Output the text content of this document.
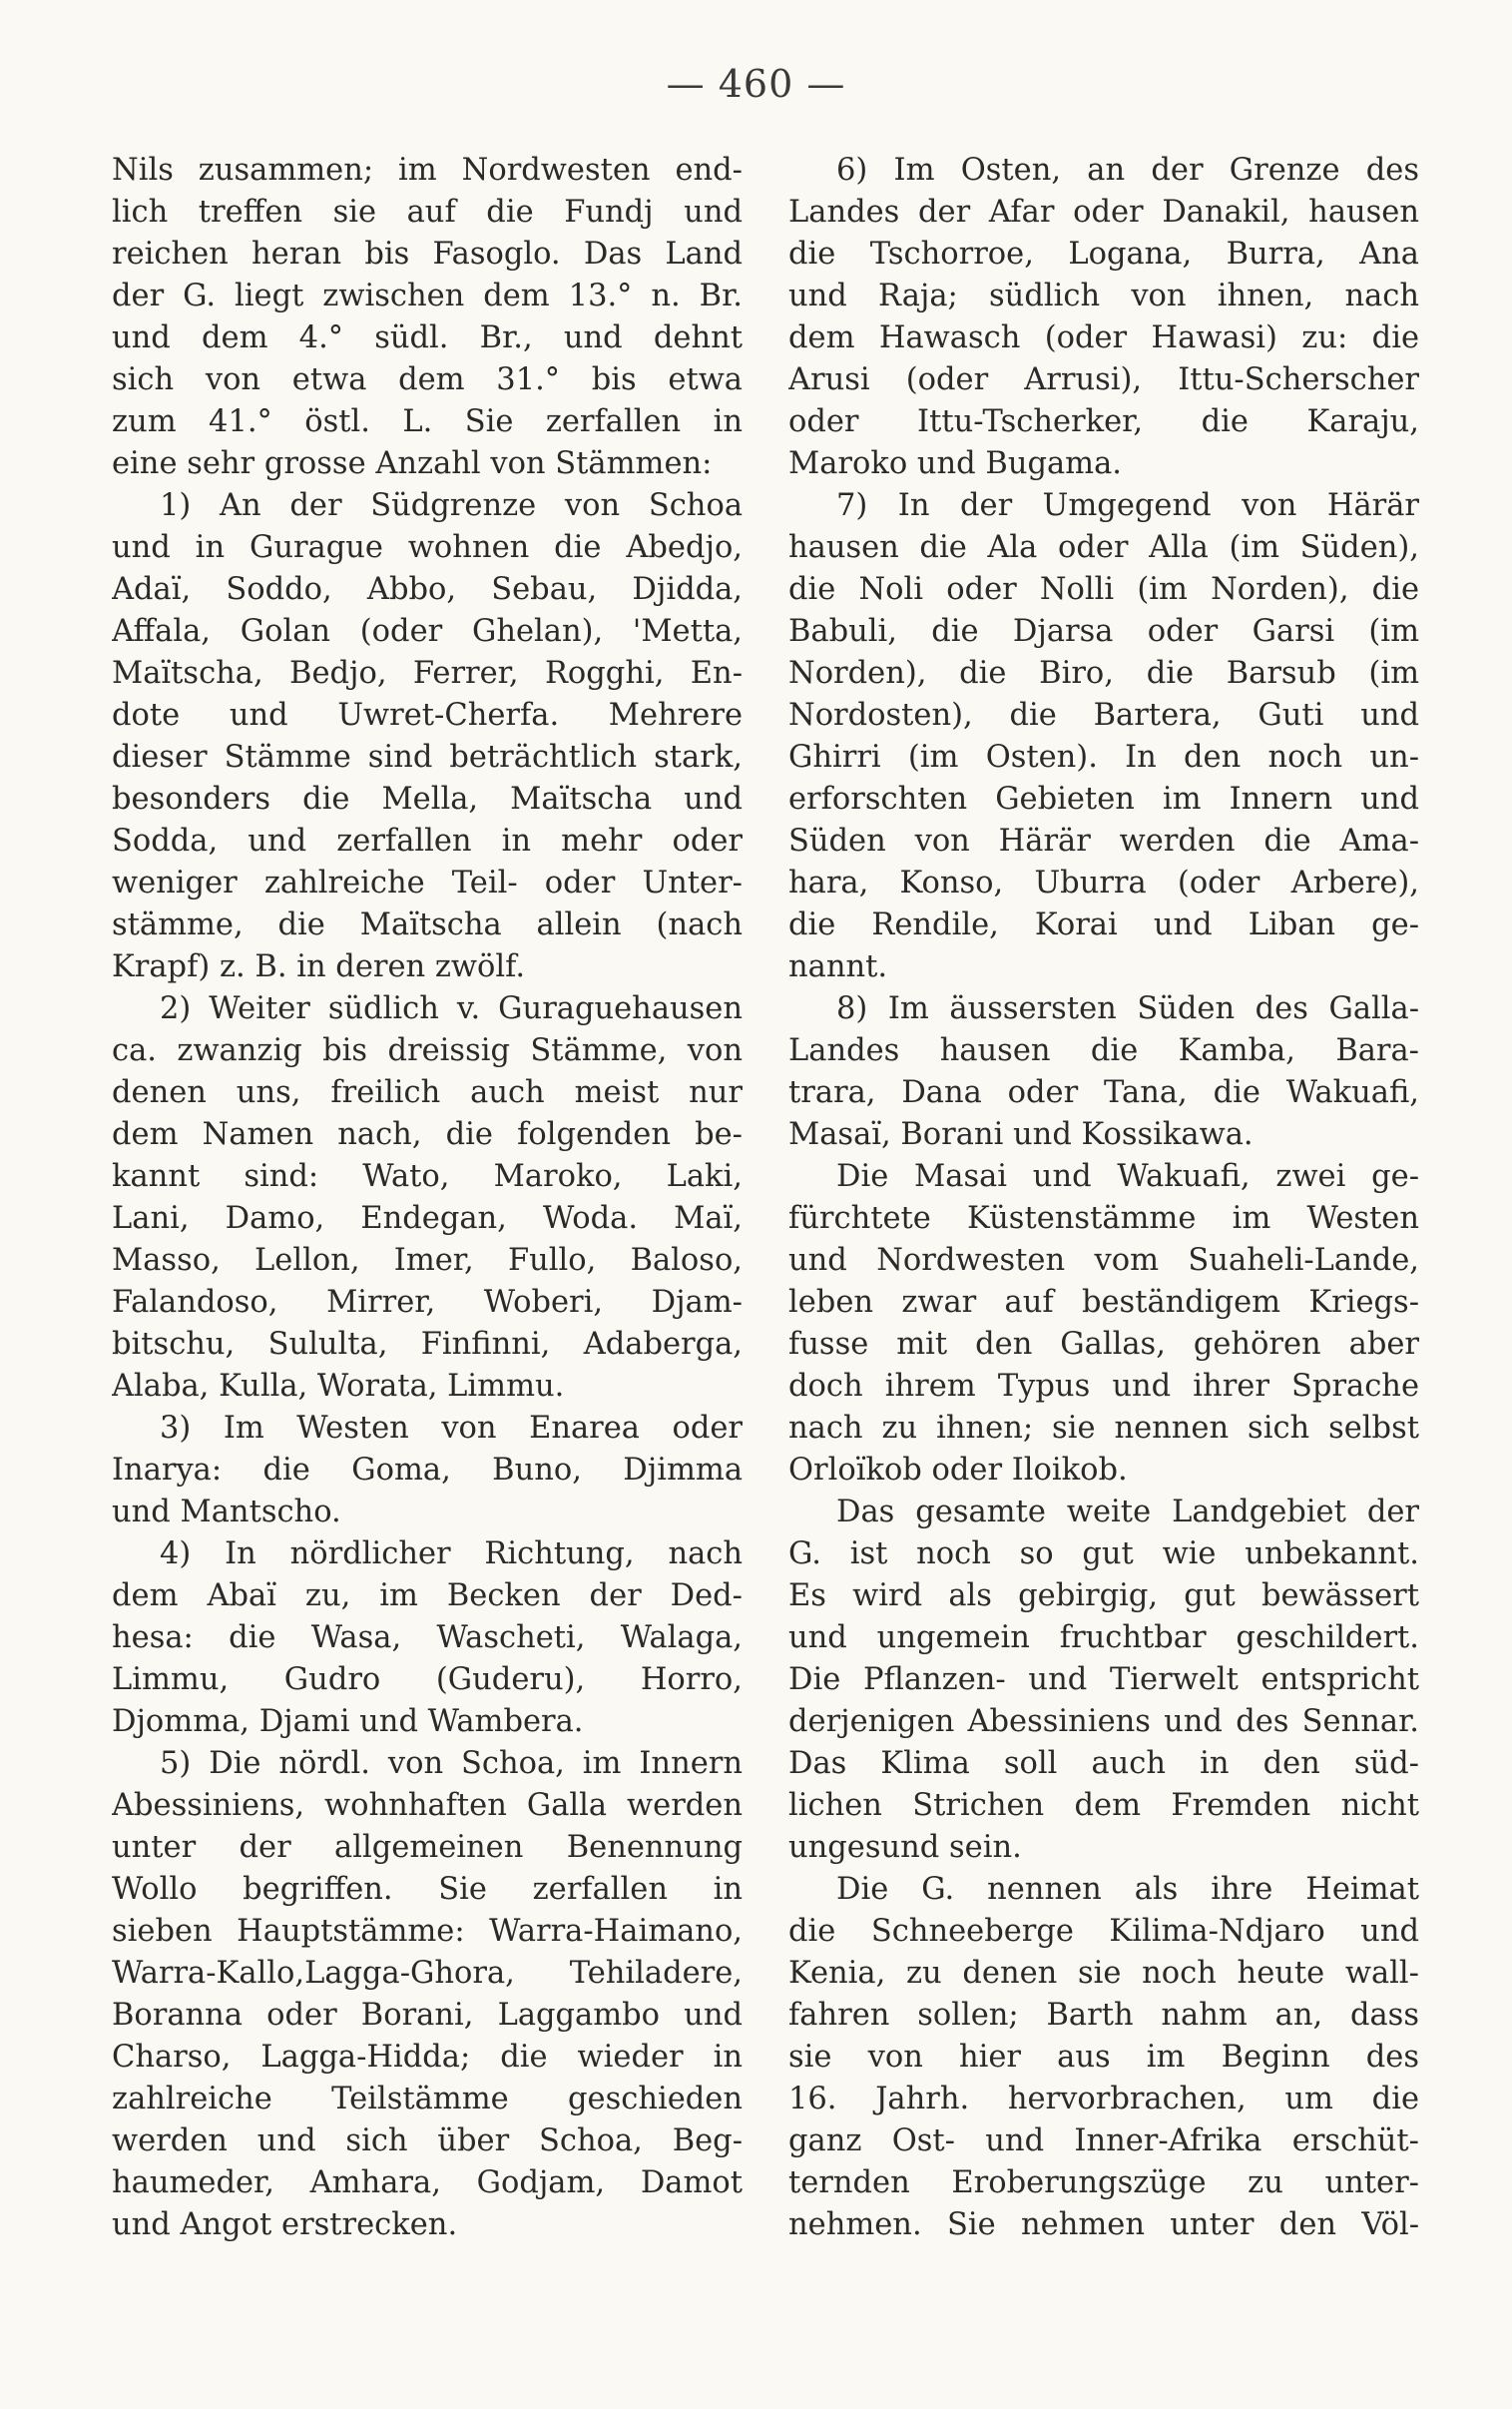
— 460 —
Nils zusammen; im Nordwesten end-
lich treffen sie auf die Fundj und
reichen heran bis Fasoglo. Das Land
der G. liegt zwischen dem 13.° n. Br.
und dem 4.° südl. Br., und dehnt
sich von etwa dem 31.° bis etwa
zum 41.° östl. L. Sie zerfallen in
eine sehr grosse Anzahl von Stämmen:
1) An der Südgrenze von Schoa
und in Gurague wohnen die Abedjo,
Adaï, Soddo, Abbo, Sebau, Djidda,
Affala, Golan (oder Ghelan), 'Metta,
Maïtscha, Bedjo, Ferrer, Rogghi, En-
dote und Uwret-Cherfa. Mehrere
dieser Stämme sind beträchtlich stark,
besonders die Mella, Maïtscha und
Sodda, und zerfallen in mehr oder
weniger zahlreiche Teil- oder Unter-
stämme, die Maïtscha allein (nach
Krapf) z. B. in deren zwölf.
2) Weiter südlich v. Guraguehausen
ca. zwanzig bis dreissig Stämme, von
denen uns, freilich auch meist nur
dem Namen nach, die folgenden be-
kannt sind: Wato, Maroko, Laki,
Lani, Damo, Endegan, Woda. Maï,
Masso, Lellon, Imer, Fullo, Baloso,
Falandoso, Mirrer, Woberi, Djam-
bitschu, Sululta, Finfinni, Adaberga,
Alaba, Kulla, Worata, Limmu.
3) Im Westen von Enarea oder
Inarya: die Goma, Buno, Djimma
und Mantscho.
4) In nördlicher Richtung, nach
dem Abaï zu, im Becken der Ded-
hesa: die Wasa, Wascheti, Walaga,
Limmu, Gudro (Guderu), Horro,
Djomma, Djami und Wambera.
5) Die nördl. von Schoa, im Innern
Abessiniens, wohnhaften Galla werden
unter der allgemeinen Benennung
Wollo begriffen. Sie zerfallen in
sieben Hauptstämme: Warra-Haimano,
Warra-Kallo,Lagga-Ghora, Tehiladere,
Boranna oder Borani, Laggambo und
Charso, Lagga-Hidda; die wieder in
zahlreiche Teilstämme geschieden
werden und sich über Schoa, Beg-
haumeder, Amhara, Godjam, Damot
und Angot erstrecken.
6) Im Osten, an der Grenze des
Landes der Afar oder Danakil, hausen
die Tschorroe, Logana, Burra, Ana
und Raja; südlich von ihnen, nach
dem Hawasch (oder Hawasi) zu: die
Arusi (oder Arrusi), Ittu-Scherscher
oder Ittu-Tscherker, die Karaju,
Maroko und Bugama.
7) In der Umgegend von Härär
hausen die Ala oder Alla (im Süden),
die Noli oder Nolli (im Norden), die
Babuli, die Djarsa oder Garsi (im
Norden), die Biro, die Barsub (im
Nordosten), die Bartera, Guti und
Ghirri (im Osten). In den noch un-
erforschten Gebieten im Innern und
Süden von Härär werden die Ama-
hara, Konso, Uburra (oder Arbere),
die Rendile, Korai und Liban ge-
nannt.
8) Im äussersten Süden des Galla-
Landes hausen die Kamba, Bara-
trara, Dana oder Tana, die Wakuafi,
Masaï, Borani und Kossikawa.
Die Masai und Wakuafi, zwei ge-
fürchtete Küstenstämme im Westen
und Nordwesten vom Suaheli-Lande,
leben zwar auf beständigem Kriegs-
fusse mit den Gallas, gehören aber
doch ihrem Typus und ihrer Sprache
nach zu ihnen; sie nennen sich selbst
Orloïkob oder Iloikob.
Das gesamte weite Landgebiet der
G. ist noch so gut wie unbekannt.
Es wird als gebirgig, gut bewässert
und ungemein fruchtbar geschildert.
Die Pflanzen- und Tierwelt entspricht
derjenigen Abessiniens und des Sennar.
Das Klima soll auch in den süd-
lichen Strichen dem Fremden nicht
ungesund sein.
Die G. nennen als ihre Heimat
die Schneeberge Kilima-Ndjaro und
Kenia, zu denen sie noch heute wall-
fahren sollen; Barth nahm an, dass
sie von hier aus im Beginn des
16. Jahrh. hervorbrachen, um die
ganz Ost- und Inner-Afrika erschüt-
ternden Eroberungszüge zu unter-
nehmen. Sie nehmen unter den Völ-
